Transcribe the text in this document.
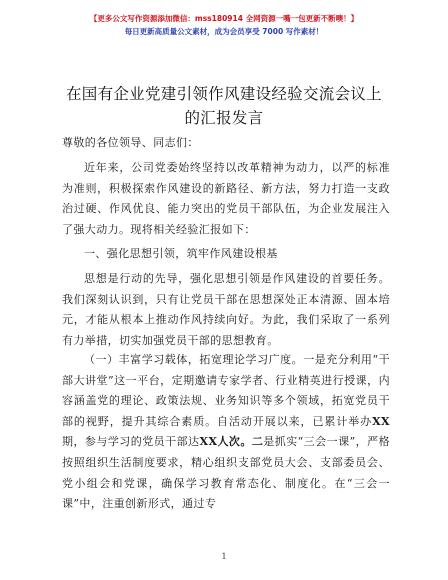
【更多公文写作资源添加微信：mss180914 全网资源一嘴一包更新不断噢！】
每日更新高质量公文素材，成为会员享受 7000 写作素材！
在国有企业党建引领作风建设经验交流会议上
的汇报发言
尊敬的各位领导、同志们：
近年来，公司党委始终坚持以改革精神为动力，以严的标准为准则，积极探索作风建设的新路径、新方法，努力打造一支政治过硬、作风优良、能力突出的党员干部队伍，为企业发展注入了强大动力。现将相关经验汇报如下：
一、强化思想引领，筑牢作风建设根基
思想是行动的先导，强化思想引领是作风建设的首要任务。我们深刻认识到，只有让党员干部在思想深处正本清源、固本培元，才能从根本上推动作风持续向好。为此，我们采取了一系列有力举措，切实加强党员干部的思想教育。
（一）丰富学习载体，拓宽理论学习广度。一是充分利用“干部大讲堂”这一平台，定期邀请专家学者、行业精英进行授课，内容涵盖党的理论、政策法规、业务知识等多个领域，拓宽党员干部的视野，提升其综合素质。自活动开展以来，已累计举办XX期，参与学习的党员干部达XX人次。二是抓实“三会一课”，严格按照组织生活制度要求，精心组织支部党员大会、支部委员会、党小组会和党课，确保学习教育常态化、制度化。在“三会一课”中，注重创新形式，通过专
1
